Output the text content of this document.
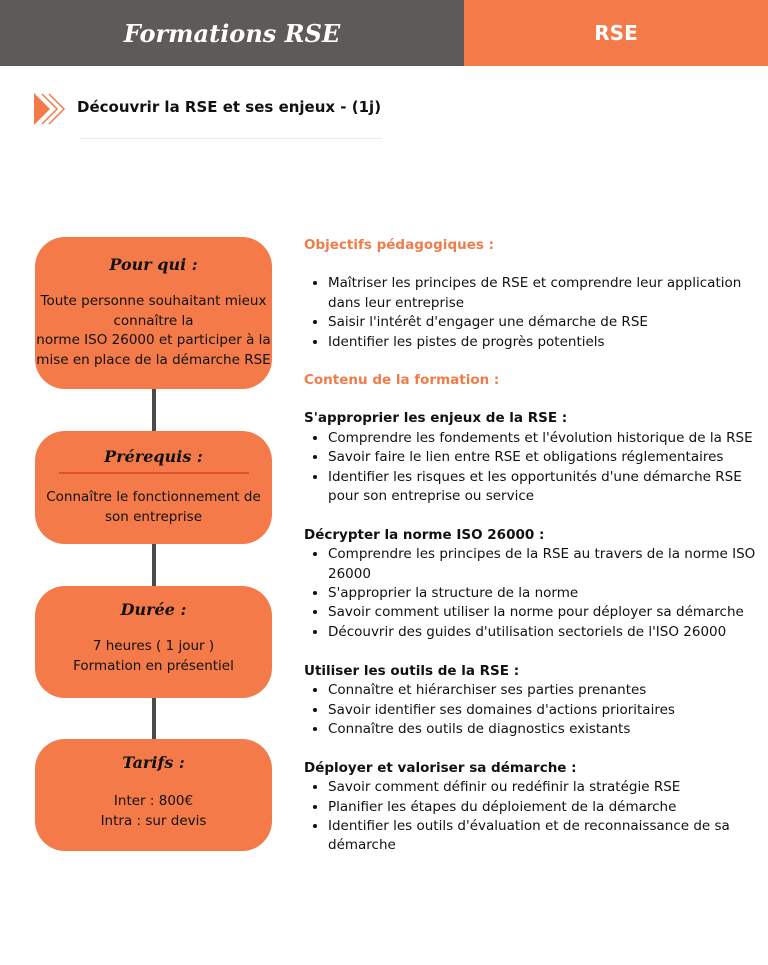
Formations RSE	RSE
Découvrir la RSE et ses enjeux - (1j)
Pour qui :
Toute personne souhaitant mieux
connaître la
norme ISO 26000 et participer à la
mise en place de la démarche RSE
Prérequis :
Connaître le fonctionnement de
son entreprise
Durée :
7 heures ( 1 jour )
Formation en présentiel
Tarifs :
Inter : 800€
Intra : sur devis
Objectifs pédagogiques :
• Maîtriser les principes de RSE et comprendre leur application dans leur entreprise
• Saisir l'intérêt d'engager une démarche de RSE
• Identifier les pistes de progrès potentiels
Contenu de la formation :
S'approprier les enjeux de la RSE :
• Comprendre les fondements et l'évolution historique de la RSE
• Savoir faire le lien entre RSE et obligations réglementaires
• Identifier les risques et les opportunités d'une démarche RSE pour son entreprise ou service
Décrypter la norme ISO 26000 :
• Comprendre les principes de la RSE au travers de la norme ISO 26000
• S'approprier la structure de la norme
• Savoir comment utiliser la norme pour déployer sa démarche
• Découvrir des guides d'utilisation sectoriels de l'ISO 26000
Utiliser les outils de la RSE :
• Connaître et hiérarchiser ses parties prenantes
• Savoir identifier ses domaines d'actions prioritaires
• Connaître des outils de diagnostics existants
Déployer et valoriser sa démarche :
• Savoir comment définir ou redéfinir la stratégie RSE
• Planifier les étapes du déploiement de la démarche
• Identifier les outils d'évaluation et de reconnaissance de sa démarche
